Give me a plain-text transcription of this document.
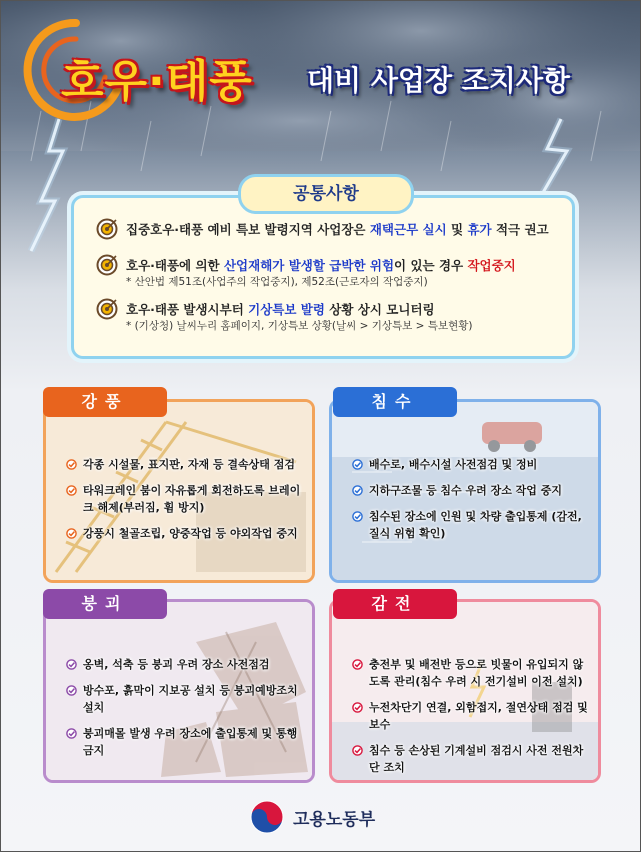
호우·태풍 대비 사업장 조치사항
집중호우·태풍 예비 특보 발령지역 사업장은 재택근무 실시 및 휴가 적극 권고
호우·태풍에 의한 산업재해가 발생할 급박한 위험이 있는 경우 작업중지
* 산안법 제51조(사업주의 작업중지), 제52조(근로자의 작업중지)
호우·태풍 발생시부터 기상특보 발령 상황 상시 모니터링
* (기상청) 날씨누리 홈페이지, 기상특보 상황(날씨 > 기상특보 > 특보현황)
공통사항
각종 시설물, 표지판, 자재 등 결속상태 점검
타워크레인 붐이 자유롭게 회전하도록 브레이크 해제(부러짐, 휨 방지)
강풍시 철골조립, 양중작업 등 야외작업 중지
강풍
배수로, 배수시설 사전점검 및 정비
지하구조물 등 침수 우려 장소 작업 중지
침수된 장소에 인원 및 차량 출입통제 (감전, 질식 위험 확인)
침수
옹벽, 석축 등 붕괴 우려 장소 사전점검
방수포, 흙막이 지보공 설치 등 붕괴예방조치 설치
붕괴매몰 발생 우려 장소에 출입통제 및 통행금지
붕괴
충전부 및 배전반 등으로 빗물이 유입되지 않도록 관리(침수 우려 시 전기설비 이전 설치)
누전차단기 연결, 외함접지, 절연상태 점검 및 보수
침수 등 손상된 기계설비 점검시 사전 전원차단 조치
감전
고용노동부
